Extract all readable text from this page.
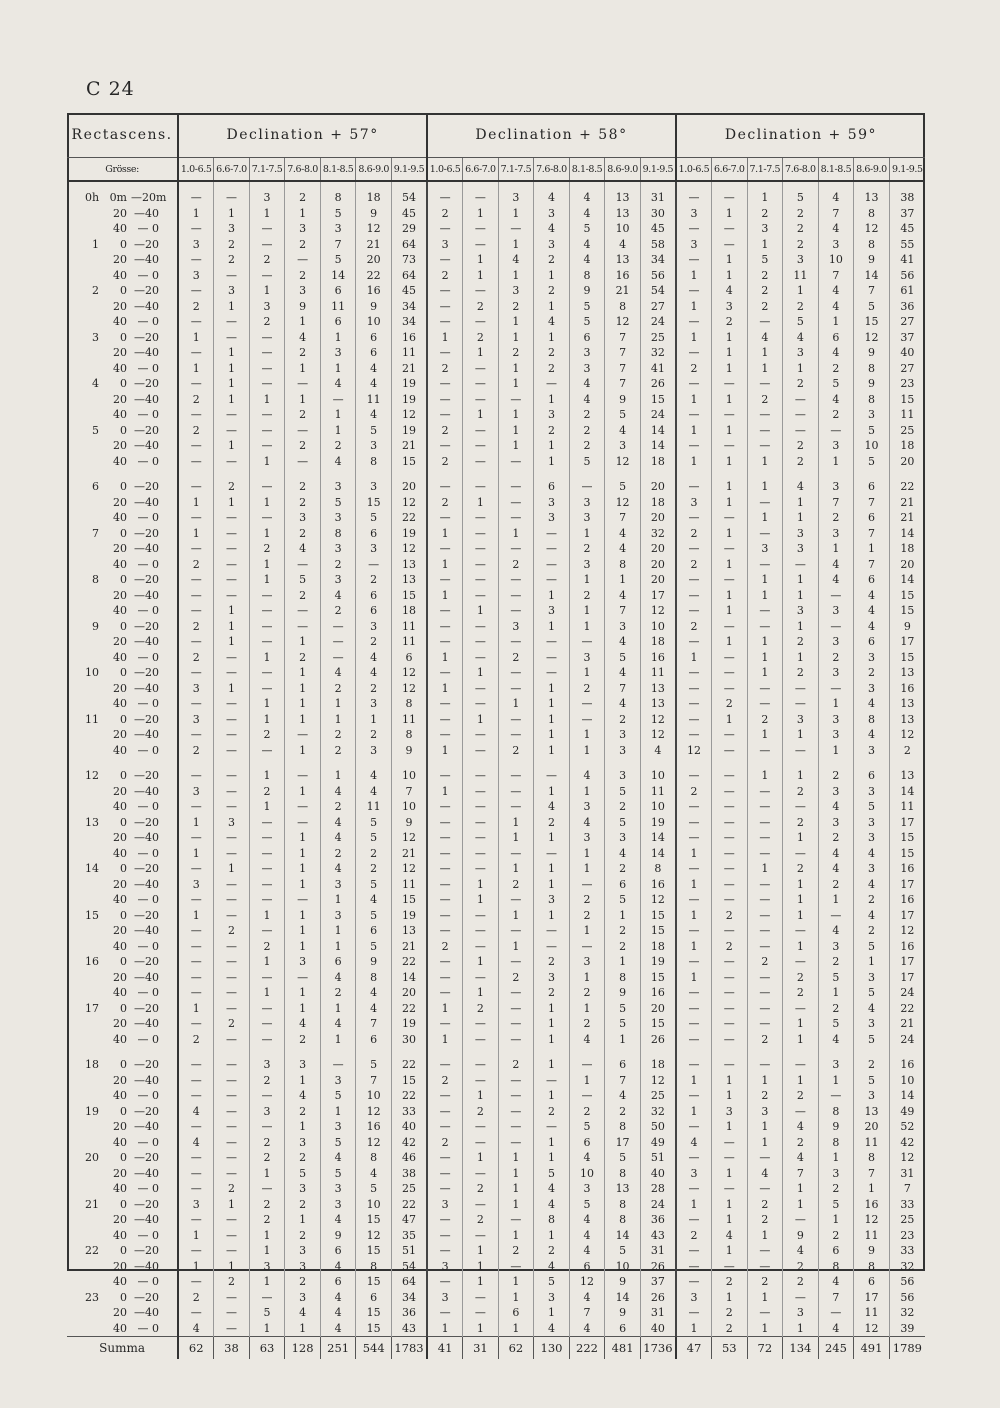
C 24
Rectascens.	Declination + 57°							Declination + 58°							Declination + 59°						
Grösse:	1.0-6.5	6.6-7.0	7.1-7.5	7.6-8.0	8.1-8.5	8.6-9.0	9.1-9.5	1.0-6.5	6.6-7.0	7.1-7.5	7.6-8.0	8.1-8.5	8.6-9.0	9.1-9.5	1.0-6.5	6.6-7.0	7.1-7.5	7.6-8.0	8.1-8.5	8.6-9.0	9.1-9.5

0h 0m —20m	—	—	3	2	8	18	54	—	—	3	4	4	13	31	—	—	1	5	4	13	38
20 —40	1	1	1	1	5	9	45	2	1	1	3	4	13	30	3	1	2	2	7	8	37
40 — 0	—	3	—	3	3	12	29	—	—	—	4	5	10	45	—	—	3	2	4	12	45
1 0 —20	3	2	—	2	7	21	64	3	—	1	3	4	4	58	3	—	1	2	3	8	55
20 —40	—	2	2	—	5	20	73	—	1	4	2	4	13	34	—	1	5	3	10	9	41
40 — 0	3	—	—	2	14	22	64	2	1	1	1	8	16	56	1	1	2	11	7	14	56
2 0 —20	—	3	1	3	6	16	45	—	—	3	2	9	21	54	—	4	2	1	4	7	61
20 —40	2	1	3	9	11	9	34	—	2	2	1	5	8	27	1	3	2	2	4	5	36
40 — 0	—	—	2	1	6	10	34	—	—	1	4	5	12	24	—	2	—	5	1	15	27
3 0 —20	1	—	—	4	1	6	16	1	2	1	1	6	7	25	1	1	4	4	6	12	37
20 —40	—	1	—	2	3	6	11	—	1	2	2	3	7	32	—	1	1	3	4	9	40
40 — 0	1	1	—	1	1	4	21	2	—	1	2	3	7	41	2	1	1	1	2	8	27
4 0 —20	—	1	—	—	4	4	19	—	—	1	—	4	7	26	—	—	—	2	5	9	23
20 —40	2	1	1	1	—	11	19	—	—	—	1	4	9	15	1	1	2	—	4	8	15
40 — 0	—	—	—	2	1	4	12	—	1	1	3	2	5	24	—	—	—	—	2	3	11
5 0 —20	2	—	—	—	1	5	19	2	—	1	2	2	4	14	1	1	—	—	—	5	25
20 —40	—	1	—	2	2	3	21	—	—	1	1	2	3	14	—	—	—	2	3	10	18
40 — 0	—	—	1	—	4	8	15	2	—	—	1	5	12	18	1	1	1	2	1	5	20

6 0 —20	—	2	—	2	3	3	20	—	—	—	6	—	5	20	—	1	1	4	3	6	22
20 —40	1	1	1	2	5	15	12	2	1	—	3	3	12	18	3	1	—	1	7	7	21
40 — 0	—	—	—	3	3	5	22	—	—	—	3	3	7	20	—	—	1	1	2	6	21
7 0 —20	1	—	1	2	8	6	19	1	—	1	—	1	4	32	2	1	—	3	3	7	14
20 —40	—	—	2	4	3	3	12	—	—	—	—	2	4	20	—	—	3	3	1	1	18
40 — 0	2	—	1	—	2	—	13	1	—	2	—	3	8	20	2	1	—	—	4	7	20
8 0 —20	—	—	1	5	3	2	13	—	—	—	—	1	1	20	—	—	1	1	4	6	14
20 —40	—	—	—	2	4	6	15	1	—	—	1	2	4	17	—	1	1	1	—	4	15
40 — 0	—	1	—	—	2	6	18	—	1	—	3	1	7	12	—	1	—	3	3	4	15
9 0 —20	2	1	—	—	—	3	11	—	—	3	1	1	3	10	2	—	—	1	—	4	9
20 —40	—	1	—	1	—	2	11	—	—	—	—	—	4	18	—	1	1	2	3	6	17
40 — 0	2	—	1	2	—	4	6	1	—	2	—	3	5	16	1	—	1	1	2	3	15
10 0 —20	—	—	—	1	4	4	12	—	1	—	—	1	4	11	—	—	1	2	3	2	13
20 —40	3	1	—	1	2	2	12	1	—	—	1	2	7	13	—	—	—	—	—	3	16
40 — 0	—	—	1	1	1	3	8	—	—	1	1	—	4	13	—	2	—	—	1	4	13
11 0 —20	3	—	1	1	1	1	11	—	1	—	1	—	2	12	—	1	2	3	3	8	13
20 —40	—	—	2	—	2	2	8	—	—	—	1	1	3	12	—	—	1	1	3	4	12
40 — 0	2	—	—	1	2	3	9	1	—	2	1	1	3	4	12	—	—	—	1	3	2

12 0 —20	—	—	1	—	1	4	10	—	—	—	—	4	3	10	—	—	1	1	2	6	13
20 —40	3	—	2	1	4	4	7	1	—	—	1	1	5	11	2	—	—	2	3	3	14
40 — 0	—	—	1	—	2	11	10	—	—	—	4	3	2	10	—	—	—	—	4	5	11
13 0 —20	1	3	—	—	4	5	9	—	—	1	2	4	5	19	—	—	—	2	3	3	17
20 —40	—	—	—	1	4	5	12	—	—	1	1	3	3	14	—	—	—	1	2	3	15
40 — 0	1	—	—	1	2	2	21	—	—	—	—	1	4	14	1	—	—	—	4	4	15
14 0 —20	—	1	—	1	4	2	12	—	—	1	1	1	2	8	—	—	1	2	4	3	16
20 —40	3	—	—	1	3	5	11	—	1	2	1	—	6	16	1	—	—	1	2	4	17
40 — 0	—	—	—	—	1	4	15	—	1	—	3	2	5	12	—	—	—	1	1	2	16
15 0 —20	1	—	1	1	3	5	19	—	—	1	1	2	1	15	1	2	—	1	—	4	17
20 —40	—	2	—	1	1	6	13	—	—	—	—	1	2	15	—	—	—	—	4	2	12
40 — 0	—	—	2	1	1	5	21	2	—	1	—	—	2	18	1	2	—	1	3	5	16
16 0 —20	—	—	1	3	6	9	22	—	1	—	2	3	1	19	—	—	2	—	2	1	17
20 —40	—	—	—	—	4	8	14	—	—	2	3	1	8	15	1	—	—	2	5	3	17
40 — 0	—	—	1	1	2	4	20	—	1	—	2	2	9	16	—	—	—	2	1	5	24
17 0 —20	1	—	—	1	1	4	22	1	2	—	1	1	5	20	—	—	—	—	2	4	22
20 —40	—	2	—	4	4	7	19	—	—	—	1	2	5	15	—	—	—	1	5	3	21
40 — 0	2	—	—	2	1	6	30	1	—	—	1	4	1	26	—	—	2	1	4	5	24

18 0 —20	—	—	3	3	—	5	22	—	—	2	1	—	6	18	—	—	—	—	3	2	16
20 —40	—	—	2	1	3	7	15	2	—	—	—	1	7	12	1	1	1	1	1	5	10
40 — 0	—	—	—	4	5	10	22	—	1	—	1	—	4	25	—	1	2	2	—	3	14
19 0 —20	4	—	3	2	1	12	33	—	2	—	2	2	2	32	1	3	3	—	8	13	49
20 —40	—	—	—	1	3	16	40	—	—	—	—	5	8	50	—	1	1	4	9	20	52
40 — 0	4	—	2	3	5	12	42	2	—	—	1	6	17	49	4	—	1	2	8	11	42
20 0 —20	—	—	2	2	4	8	46	—	1	1	1	4	5	51	—	—	—	4	1	8	12
20 —40	—	—	1	5	5	4	38	—	—	1	5	10	8	40	3	1	4	7	3	7	31
40 — 0	—	2	—	3	3	5	25	—	2	1	4	3	13	28	—	—	—	1	2	1	7
21 0 —20	3	1	2	2	3	10	22	3	—	1	4	5	8	24	1	1	2	1	5	16	33
20 —40	—	—	2	1	4	15	47	—	2	—	8	4	8	36	—	1	2	—	1	12	25
40 — 0	1	—	1	2	9	12	35	—	—	1	1	4	14	43	2	4	1	9	2	11	23
22 0 —20	—	—	1	3	6	15	51	—	1	2	2	4	5	31	—	1	—	4	6	9	33
20 —40	1	1	3	3	4	8	54	3	1	—	4	6	10	26	—	—	—	2	8	8	32
40 — 0	—	2	1	2	6	15	64	—	1	1	5	12	9	37	—	2	2	2	4	6	56
23 0 —20	2	—	—	3	4	6	34	3	—	1	3	4	14	26	3	1	1	—	7	17	56
20 —40	—	—	5	4	4	15	36	—	—	6	1	7	9	31	—	2	—	3	—	11	32
40 — 0	4	—	1	1	4	15	43	1	1	1	4	4	6	40	1	2	1	1	4	12	39
Summa	62	38	63	128	251	544	1783	41	31	62	130	222	481	1736	47	53	72	134	245	491	1789
